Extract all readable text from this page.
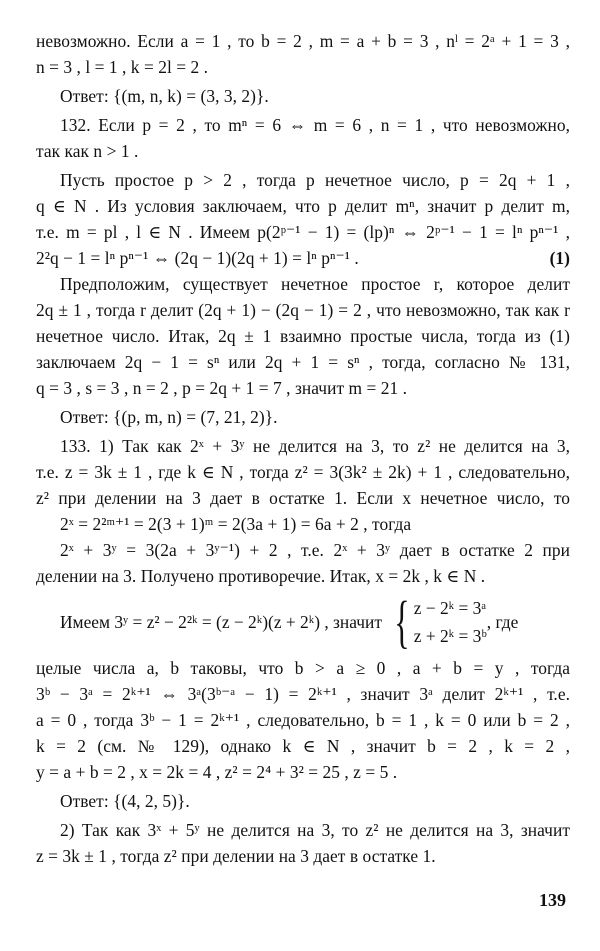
невозможно. Если a = 1 , то b = 2 , m = a + b = 3 , nˡ = 2ᵃ + 1 = 3 ,
n = 3 , l = 1 , k = 2l = 2 .
Ответ: {(m, n, k) = (3, 3, 2)}.
132. Если p = 2 , то mⁿ = 6 ⇔ m = 6 , n = 1 , что невозможно,
так как n > 1 .
Пусть простое p > 2 , тогда p нечетное число, p = 2q + 1 ,
q ∈ N . Из условия заключаем, что p делит mⁿ, значит p делит m,
т.е. m = pl , l ∈ N . Имеем p(2ᵖ⁻¹ − 1) = (lp)ⁿ ⇔ 2ᵖ⁻¹ − 1 = lⁿ pⁿ⁻¹ ,
2²q − 1 = lⁿ pⁿ⁻¹ ⇔ (2q − 1)(2q + 1) = lⁿ pⁿ⁻¹ .	(1)
Предположим, существует нечетное простое r, которое делит
2q ± 1 , тогда r делит (2q + 1) − (2q − 1) = 2 , что невозможно, так как r
нечетное число. Итак, 2q ± 1 взаимно простые числа, тогда из (1)
заключаем 2q − 1 = sⁿ или 2q + 1 = sⁿ , тогда, согласно № 131,
q = 3 , s = 3 , n = 2 , p = 2q + 1 = 7 , значит m = 21 .
Ответ: {(p, m, n) = (7, 21, 2)}.
133. 1) Так как 2ˣ + 3ʸ не делится на 3, то z² не делится на 3,
т.е. z = 3k ± 1 , где k ∈ N , тогда z² = 3(3k² ± 2k) + 1 , следовательно,
z² при делении на 3 дает в остатке 1. Если x нечетное число, то
2ˣ = 2²ᵐ⁺¹ = 2(3 + 1)ᵐ = 2(3a + 1) = 6a + 2 , тогда
2ˣ + 3ʸ = 3(2a + 3ʸ⁻¹) + 2 , т.е. 2ˣ + 3ʸ дает в остатке 2 при
делении на 3. Получено противоречие. Итак, x = 2k , k ∈ N .
Имеем 3ʸ = z² − 2²ᵏ = (z − 2ᵏ)(z + 2ᵏ) , значит { z − 2ᵏ = 3ᵃ
z + 2ᵏ = 3ᵇ
, где
целые числа a, b таковы, что b > a ≥ 0 , a + b = y , тогда
3ᵇ − 3ᵃ = 2ᵏ⁺¹ ⇔ 3ᵃ(3ᵇ⁻ᵃ − 1) = 2ᵏ⁺¹ , значит 3ᵃ делит 2ᵏ⁺¹ , т.е.
a = 0 , тогда 3ᵇ − 1 = 2ᵏ⁺¹ , следовательно, b = 1 , k = 0 или b = 2 ,
k = 2 (см. № 129), однако k ∈ N , значит b = 2 , k = 2 ,
y = a + b = 2 , x = 2k = 4 , z² = 2⁴ + 3² = 25 , z = 5 .
Ответ: {(4, 2, 5)}.
2) Так как 3ˣ + 5ʸ не делится на 3, то z² не делится на 3, значит
z = 3k ± 1 , тогда z² при делении на 3 дает в остатке 1.
139
